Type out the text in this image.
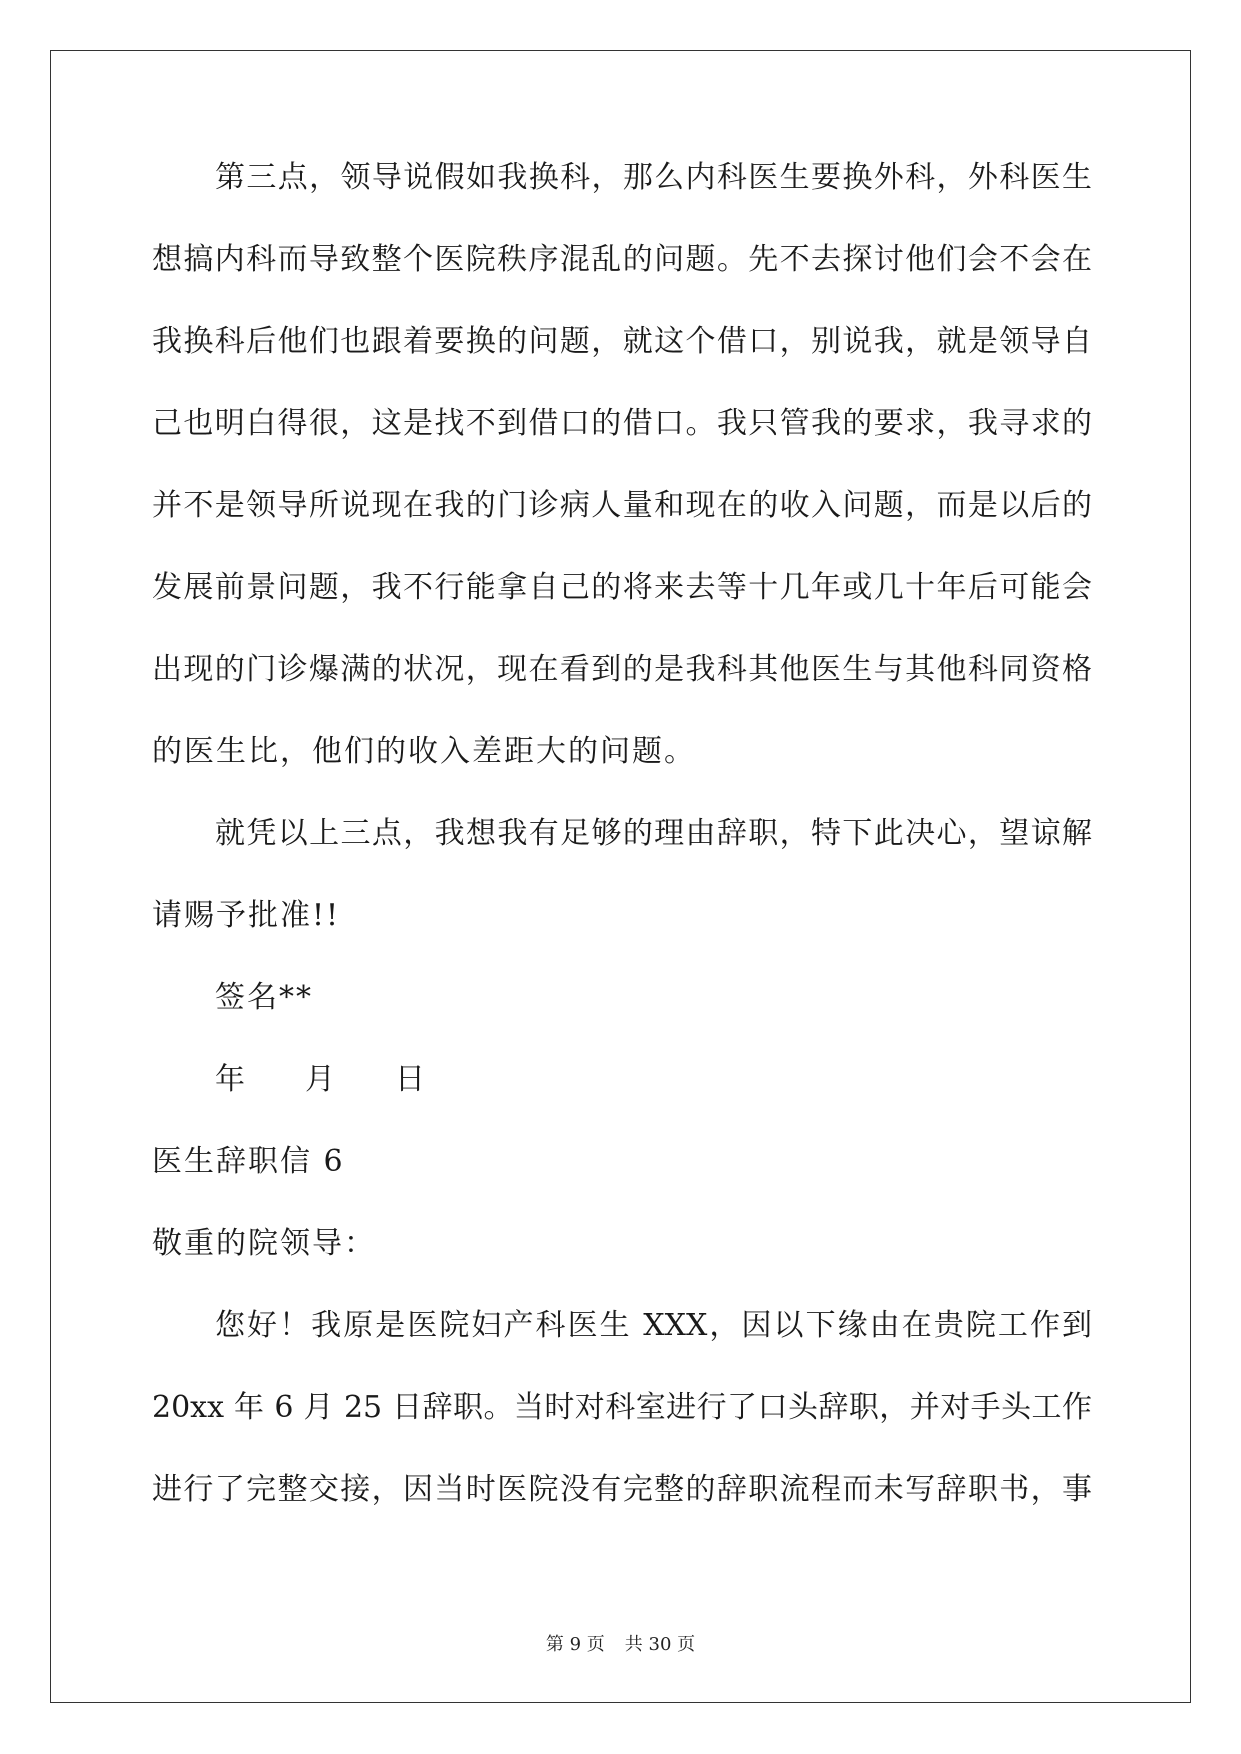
第三点，领导说假如我换科，那么内科医生要换外科，外科医生
想搞内科而导致整个医院秩序混乱的问题。先不去探讨他们会不会在
我换科后他们也跟着要换的问题，就这个借口，别说我，就是领导自
己也明白得很，这是找不到借口的借口。我只管我的要求，我寻求的
并不是领导所说现在我的门诊病人量和现在的收入问题，而是以后的
发展前景问题，我不行能拿自己的将来去等十几年或几十年后可能会
出现的门诊爆满的状况，现在看到的是我科其他医生与其他科同资格
的医生比，他们的收入差距大的问题。
就凭以上三点，我想我有足够的理由辞职，特下此决心，望谅解
请赐予批准!!
签名**
年 月 日
医生辞职信 6
敬重的院领导：
您好！我原是医院妇产科医生 XXX，因以下缘由在贵院工作到
20xx 年 6 月 25 日辞职。当时对科室进行了口头辞职，并对手头工作
进行了完整交接，因当时医院没有完整的辞职流程而未写辞职书，事
第 9 页 共 30 页
